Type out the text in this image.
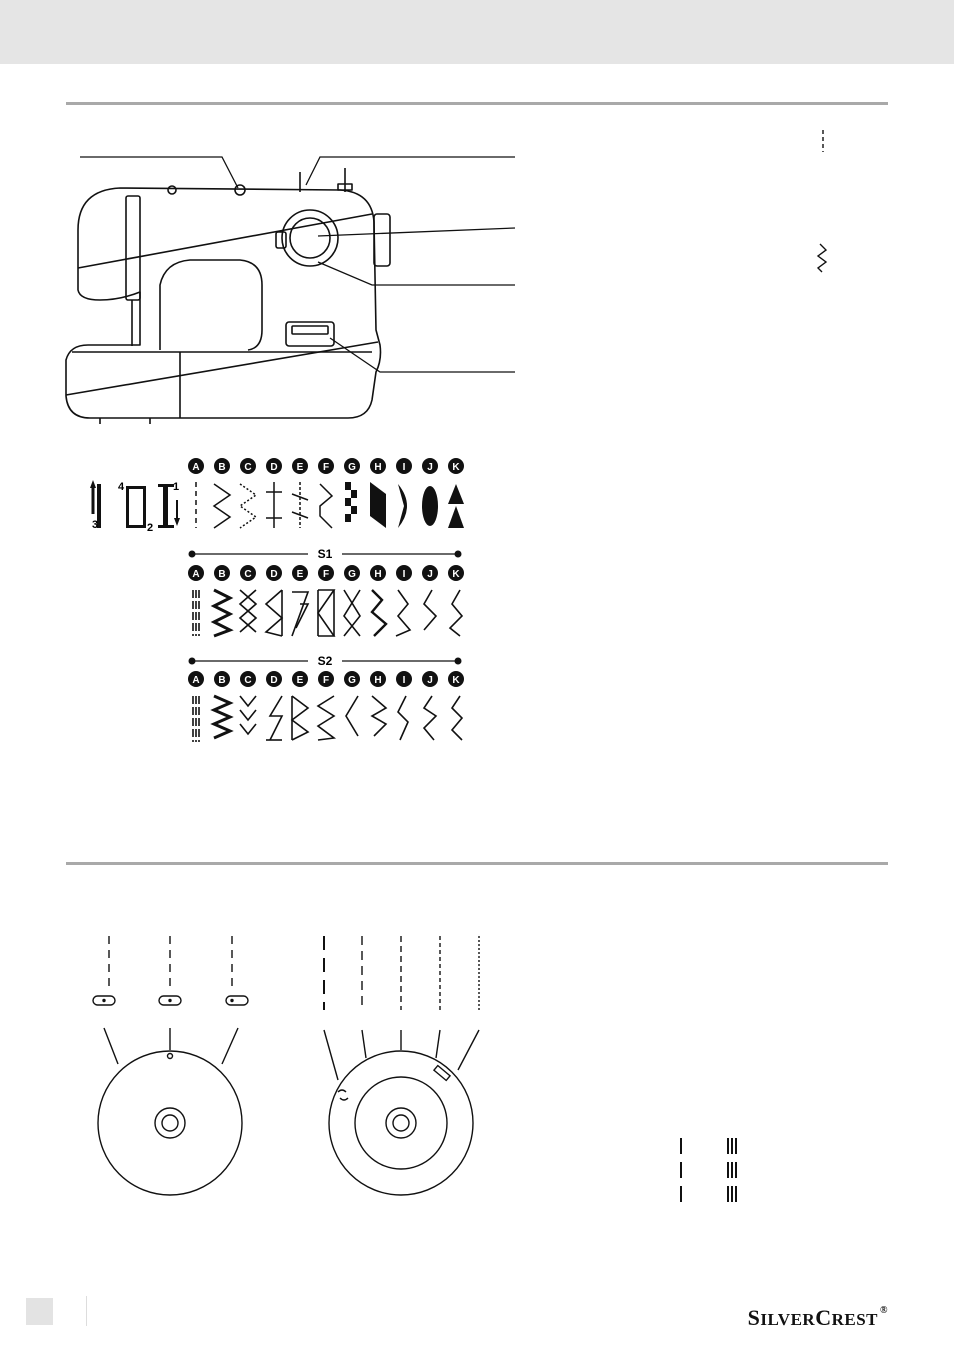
4	1
3	2
A B C D E F G H I J K
S1
A B C D E F G H I J K
S2
A B C D E F G H I J K
SILVERCREST ®
